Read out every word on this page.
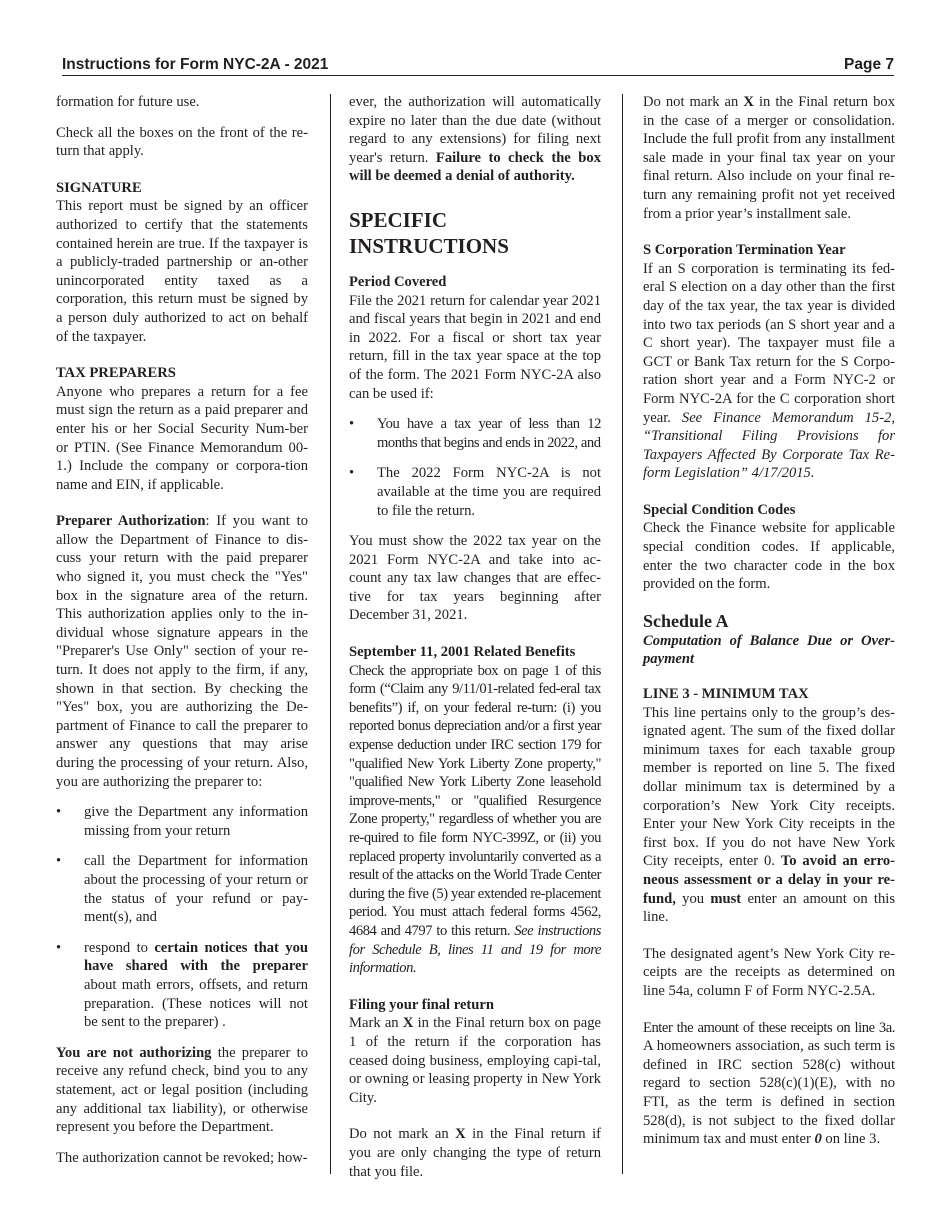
Instructions for Form NYC-2A - 2021	Page 7

formation for future use.

Check all the boxes on the front of the re-turn that apply.

SIGNATURE

This report must be signed by an officer authorized to certify that the statements contained herein are true. If the taxpayer is a publicly-traded partnership or an-other unincorporated entity taxed as a corporation, this return must be signed by a person duly authorized to act on behalf of the taxpayer.

TAX PREPARERS

Anyone who prepares a return for a fee must sign the return as a paid preparer and enter his or her Social Security Num-ber or PTIN. (See Finance Memorandum 00-1.) Include the company or corpora-tion name and EIN, if applicable.

Preparer Authorization: If you want to allow the Department of Finance to dis-cuss your return with the paid preparer who signed it, you must check the "Yes" box in the signature area of the return. This authorization applies only to the in-dividual whose signature appears in the "Preparer's Use Only" section of your re-turn. It does not apply to the firm, if any, shown in that section. By checking the "Yes" box, you are authorizing the De-partment of Finance to call the preparer to answer any questions that may arise during the processing of your return. Also, you are authorizing the preparer to:

• give the Department any information missing from your return
• call the Department for information about the processing of your return or the status of your refund or pay-ment(s), and
• respond to certain notices that you have shared with the preparer about math errors, offsets, and return preparation. (These notices will not be sent to the preparer) .

You are not authorizing the preparer to receive any refund check, bind you to any statement, act or legal position (including any additional tax liability), or otherwise represent you before the Department.

The authorization cannot be revoked; how-

ever, the authorization will automatically expire no later than the due date (without regard to any extensions) for filing next year's return. Failure to check the box will be deemed a denial of authority.

SPECIFIC INSTRUCTIONS
Period Covered

File the 2021 return for calendar year 2021 and fiscal years that begin in 2021 and end in 2022. For a fiscal or short tax year return, fill in the tax year space at the top of the form. The 2021 Form NYC-2A also can be used if:

• You have a tax year of less than 12 months that begins and ends in 2022, and
• The 2022 Form NYC-2A is not available at the time you are required to file the return.

You must show the 2022 tax year on the 2021 Form NYC-2A and take into ac-count any tax law changes that are effec-tive for tax years beginning after December 31, 2021.

September 11, 2001 Related Benefits

Check the appropriate box on page 1 of this form (“Claim any 9/11/01-related fed-eral tax benefits”) if, on your federal re-turn: (i) you reported bonus depreciation and/or a first year expense deduction under IRC section 179 for "qualified New York Liberty Zone property," "qualified New York Liberty Zone leasehold improve-ments," or "qualified Resurgence Zone property," regardless of whether you are re-quired to file form NYC-399Z, or (ii) you replaced property involuntarily converted as a result of the attacks on the World Trade Center during the five (5) year extended re-placement period. You must attach federal forms 4562, 4684 and 4797 to this return. See instructions for Schedule B, lines 11 and 19 for more information.

Filing your final return

Mark an X in the Final return box on page 1 of the return if the corporation has ceased doing business, employing capi-tal, or owning or leasing property in New York City.

Do not mark an X in the Final return if you are only changing the type of return that you file.

Do not mark an X in the Final return box in the case of a merger or consolidation. Include the full profit from any installment sale made in your final tax year on your final return. Also include on your final re-turn any remaining profit not yet received from a prior year’s installment sale.

S Corporation Termination Year

If an S corporation is terminating its fed-eral S election on a day other than the first day of the tax year, the tax year is divided into two tax periods (an S short year and a C short year). The taxpayer must file a GCT or Bank Tax return for the S Corpo-ration short year and a Form NYC-2 or Form NYC-2A for the C corporation short year. See Finance Memorandum 15-2, “Transitional Filing Provisions for Taxpayers Affected By Corporate Tax Re-form Legislation” 4/17/2015.

Special Condition Codes

Check the Finance website for applicable special condition codes. If applicable, enter the two character code in the box provided on the form.

Schedule A
Computation of Balance Due or Over-payment
LINE 3 - MINIMUM TAX

This line pertains only to the group’s des-ignated agent. The sum of the fixed dollar minimum taxes for each taxable group member is reported on line 5. The fixed dollar minimum tax is determined by a corporation’s New York City receipts. Enter your New York City receipts in the first box. If you do not have New York City receipts, enter 0. To avoid an erro-neous assessment or a delay in your re-fund, you must enter an amount on this line.

The designated agent’s New York City re-ceipts are the receipts as determined on line 54a, column F of Form NYC-2.5A.

Enter the amount of these receipts on line 3a. A homeowners association, as such term is defined in IRC section 528(c) without regard to section 528(c)(1)(E), with no FTI, as the term is defined in section 528(d), is not subject to the fixed dollar minimum tax and must enter 0 on line 3.
